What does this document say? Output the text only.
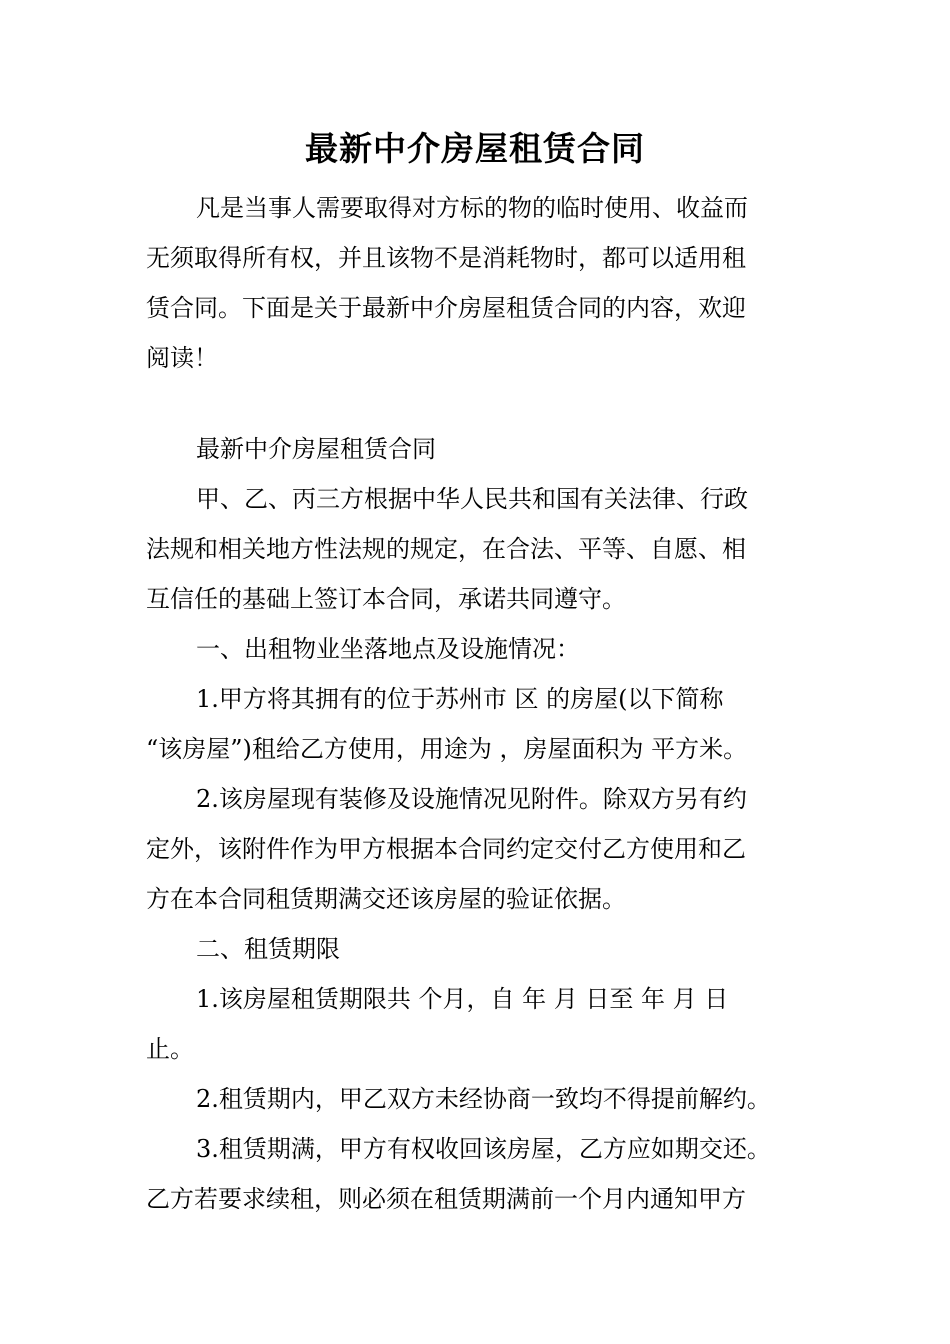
最新中介房屋租赁合同
凡是当事人需要取得对方标的物的临时使用、收益而
无须取得所有权，并且该物不是消耗物时，都可以适用租
赁合同。下面是关于最新中介房屋租赁合同的内容，欢迎
阅读！
最新中介房屋租赁合同
甲、乙、丙三方根据中华人民共和国有关法律、行政
法规和相关地方性法规的规定，在合法、平等、自愿、相
互信任的基础上签订本合同，承诺共同遵守。
一、出租物业坐落地点及设施情况：
1.甲方将其拥有的位于苏州市 区 的房屋(以下简称
“该房屋”)租给乙方使用，用途为 ，房屋面积为 平方米。
2.该房屋现有装修及设施情况见附件。除双方另有约
定外，该附件作为甲方根据本合同约定交付乙方使用和乙
方在本合同租赁期满交还该房屋的验证依据。
二、租赁期限
1.该房屋租赁期限共 个月，自 年 月 日至 年 月 日
止。
2.租赁期内，甲乙双方未经协商一致均不得提前解约。
3.租赁期满，甲方有权收回该房屋，乙方应如期交还。
乙方若要求续租，则必须在租赁期满前一个月内通知甲方
